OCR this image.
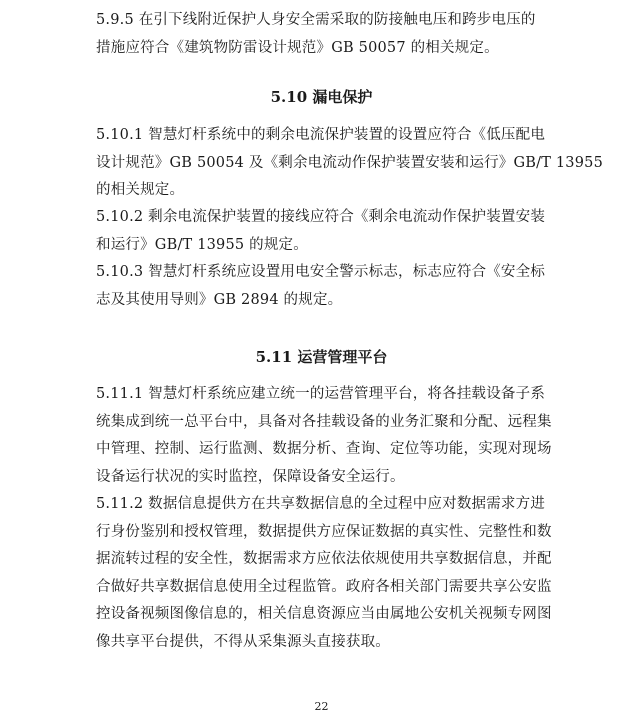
5.9.5 在引下线附近保护人身安全需采取的防接触电压和跨步电压的
措施应符合《建筑物防雷设计规范》GB 50057 的相关规定。
5.10 漏电保护
5.10.1 智慧灯杆系统中的剩余电流保护装置的设置应符合《低压配电
设计规范》GB 50054 及《剩余电流动作保护装置安装和运行》GB/T 13955
的相关规定。
5.10.2 剩余电流保护装置的接线应符合《剩余电流动作保护装置安装
和运行》GB/T 13955 的规定。
5.10.3 智慧灯杆系统应设置用电安全警示标志，标志应符合《安全标
志及其使用导则》GB 2894 的规定。
5.11 运营管理平台
5.11.1 智慧灯杆系统应建立统一的运营管理平台，将各挂载设备子系
统集成到统一总平台中，具备对各挂载设备的业务汇聚和分配、远程集
中管理、控制、运行监测、数据分析、查询、定位等功能，实现对现场
设备运行状况的实时监控，保障设备安全运行。
5.11.2 数据信息提供方在共享数据信息的全过程中应对数据需求方进
行身份鉴别和授权管理，数据提供方应保证数据的真实性、完整性和数
据流转过程的安全性，数据需求方应依法依规使用共享数据信息，并配
合做好共享数据信息使用全过程监管。政府各相关部门需要共享公安监
控设备视频图像信息的，相关信息资源应当由属地公安机关视频专网图
像共享平台提供，不得从采集源头直接获取。
22
